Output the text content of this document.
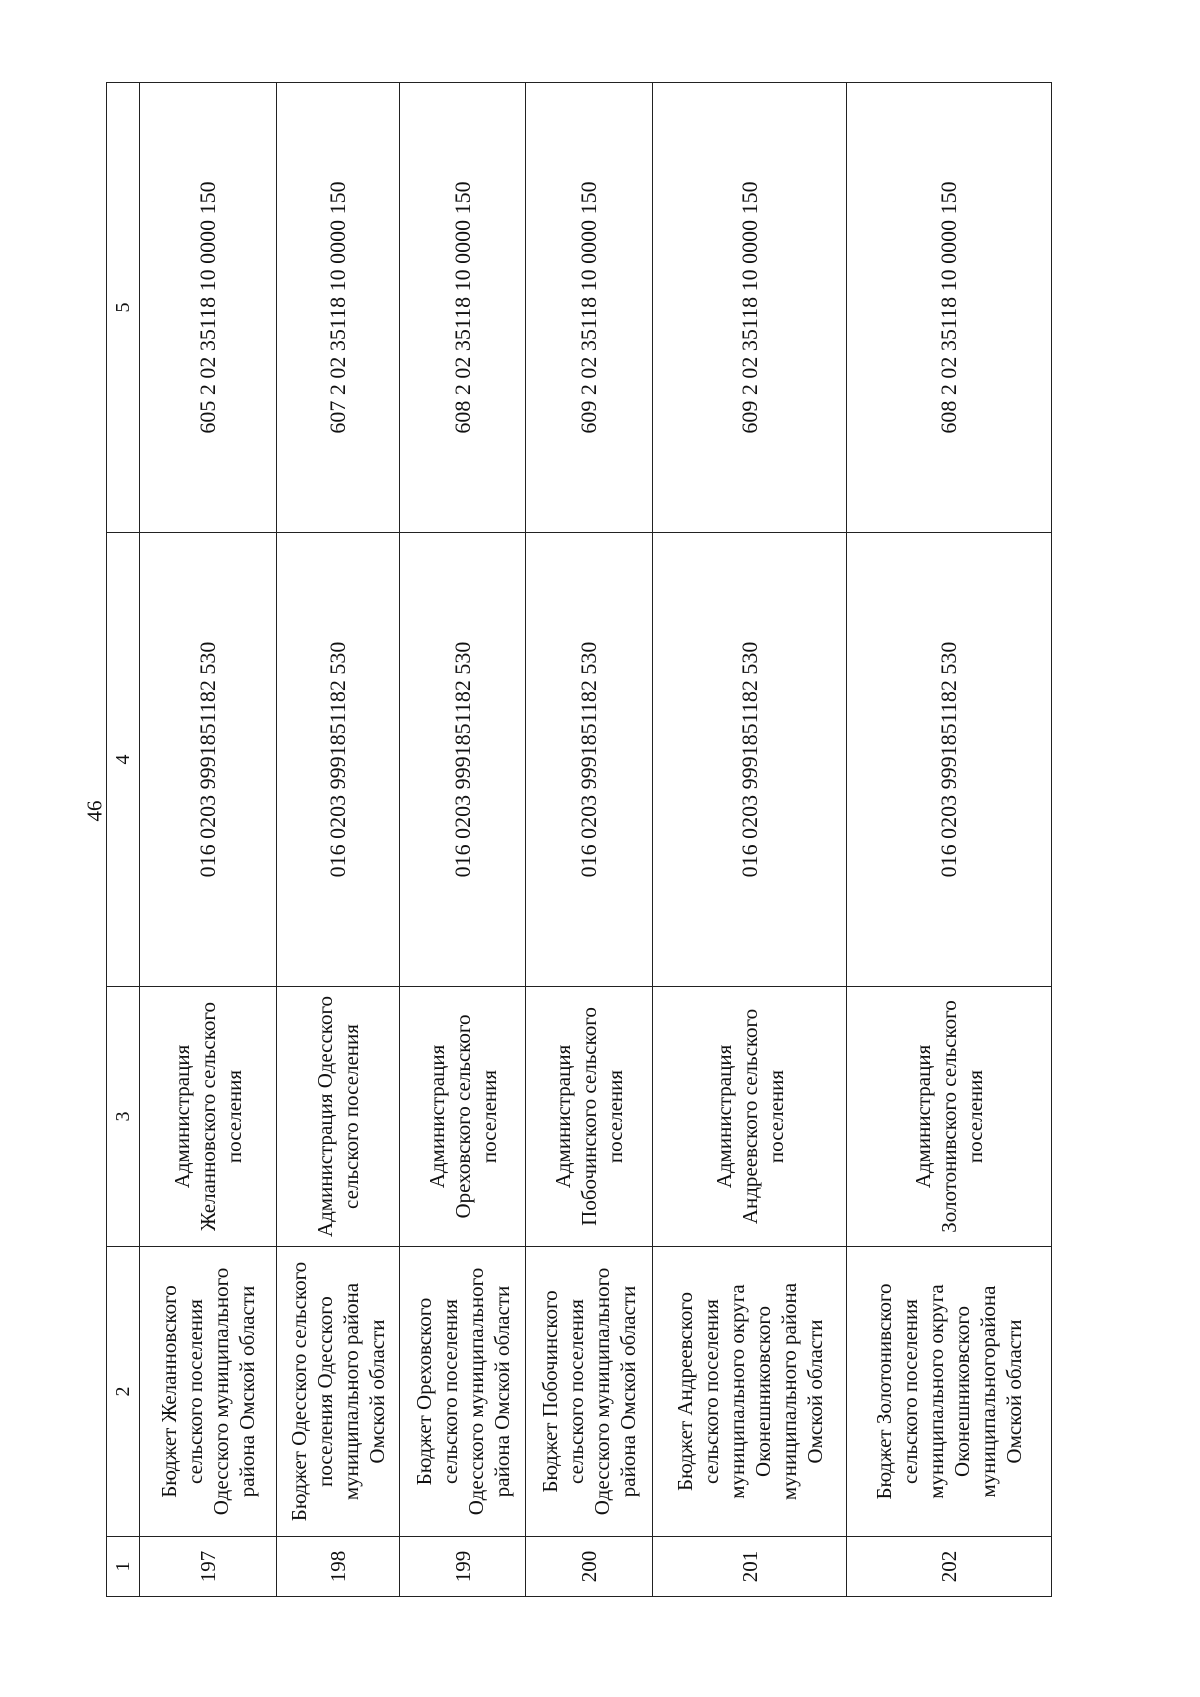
46
1	2	3	4	5
197	Бюджет Желанновского сельского поселения Одесского муниципального района Омской области	Администрация Желанновского сельского поселения	016 0203 9991851182 530	605 2 02 35118 10 0000 150
198	Бюджет Одесского сельского поселения Одесского муниципального района Омской области	Администрация Одесского сельского поселения	016 0203 9991851182 530	607 2 02 35118 10 0000 150
199	Бюджет Ореховского сельского поселения Одесского муниципального района Омской области	Администрация Ореховского сельского поселения	016 0203 9991851182 530	608 2 02 35118 10 0000 150
200	Бюджет Побочинского сельского поселения Одесского муниципального района Омской области	Администрация Побочинского сельского поселения	016 0203 9991851182 530	609 2 02 35118 10 0000 150
201	Бюджет Андреевского сельского поселения муниципального округа Оконешниковского муниципального района Омской области	Администрация Андреевского сельского поселения	016 0203 9991851182 530	609 2 02 35118 10 0000 150
202	Бюджет Золотонивского сельского поселения муниципального округа Оконешниковского муниципальногорайона Омской области	Администрация Золотонивского сельского поселения	016 0203 9991851182 530	608 2 02 35118 10 0000 150
